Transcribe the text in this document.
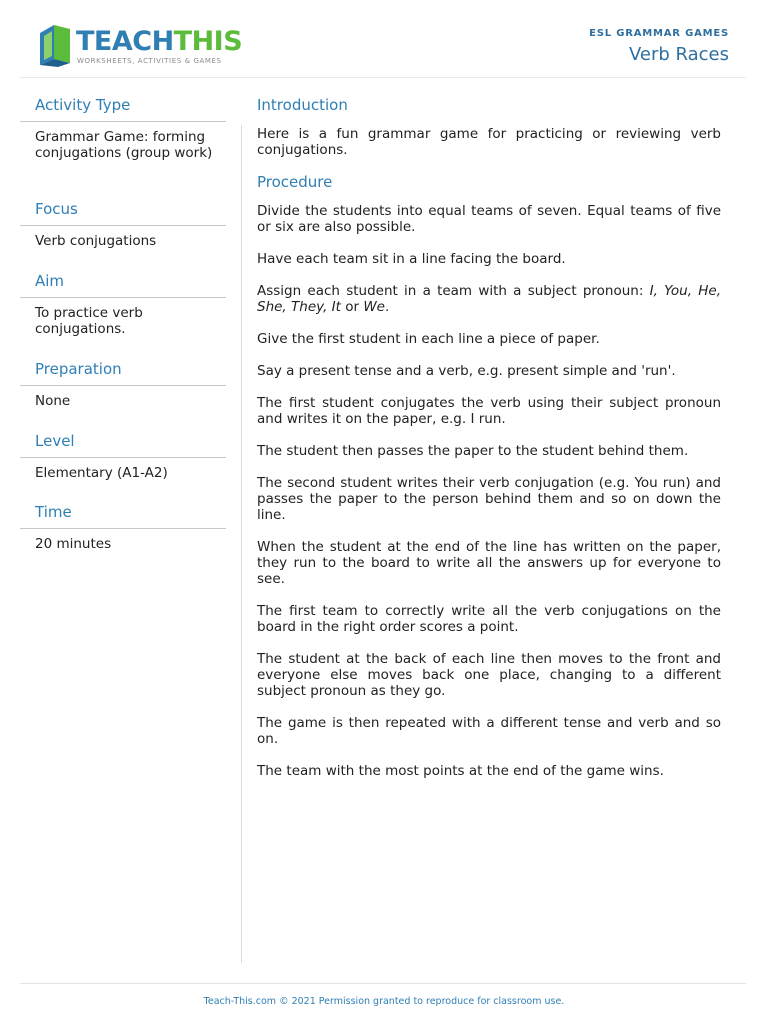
TEACHTHIS
WORKSHEETS, ACTIVITIES & GAMES
ESL GRAMMAR GAMES
Verb Races
Activity Type
Grammar Game: forming conjugations (group work)
Focus
Verb conjugations
Aim
To practice verb conjugations.
Preparation
None
Level
Elementary (A1-A2)
Time
20 minutes
Introduction

Here is a fun grammar game for practicing or reviewing verb conjugations.

Procedure

Divide the students into equal teams of seven. Equal teams of five or six are also possible.

Have each team sit in a line facing the board.

Assign each student in a team with a subject pronoun: I, You, He, She, They, It or We.

Give the first student in each line a piece of paper.

Say a present tense and a verb, e.g. present simple and 'run'.

The first student conjugates the verb using their subject pronoun and writes it on the paper, e.g. I run.

The student then passes the paper to the student behind them.

The second student writes their verb conjugation (e.g. You run) and passes the paper to the person behind them and so on down the line.

When the student at the end of the line has written on the paper, they run to the board to write all the answers up for everyone to see.

The first team to correctly write all the verb conjugations on the board in the right order scores a point.

The student at the back of each line then moves to the front and everyone else moves back one place, changing to a different subject pronoun as they go.

The game is then repeated with a different tense and verb and so on.

The team with the most points at the end of the game wins.

Teach-This.com © 2021 Permission granted to reproduce for classroom use.
